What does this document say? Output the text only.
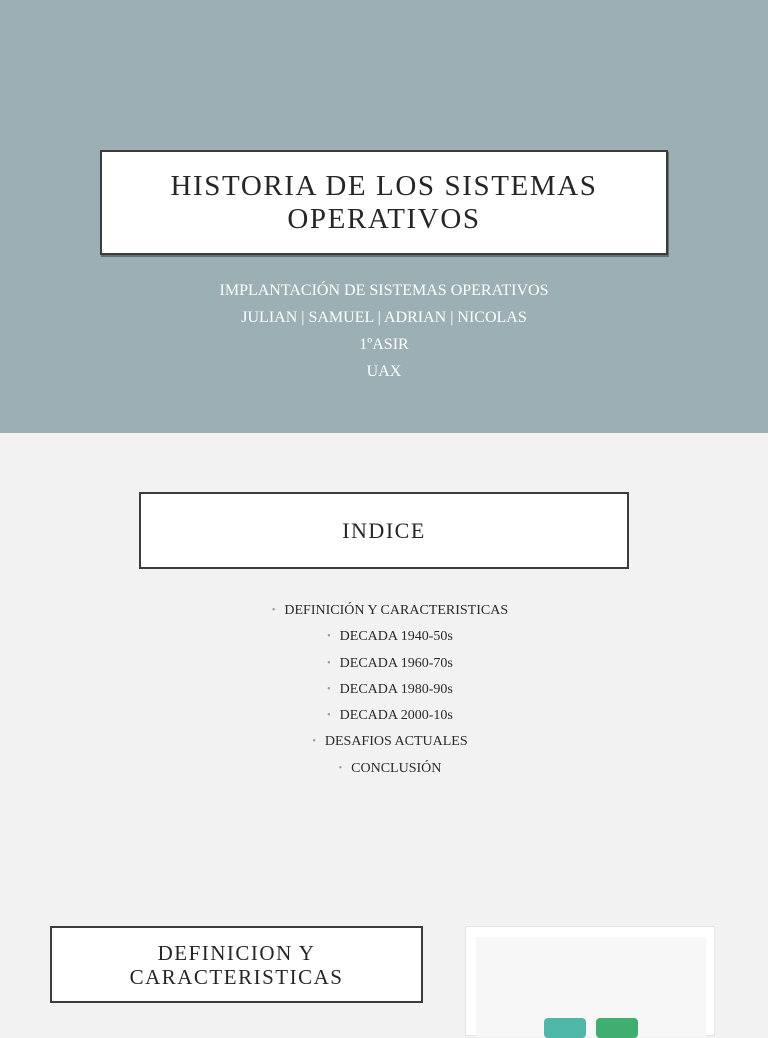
HISTORIA DE LOS SISTEMAS OPERATIVOS
IMPLANTACIÓN DE SISTEMAS OPERATIVOS
JULIAN | SAMUEL | ADRIAN | NICOLAS
1ºASIR
UAX
INDICE
• DEFINICIÓN Y CARACTERISTICAS
• DECADA 1940-50s
• DECADA 1960-70s
• DECADA 1980-90s
• DECADA 2000-10s
• DESAFIOS ACTUALES
• CONCLUSIÓN
DEFINICION Y CARACTERISTICAS
